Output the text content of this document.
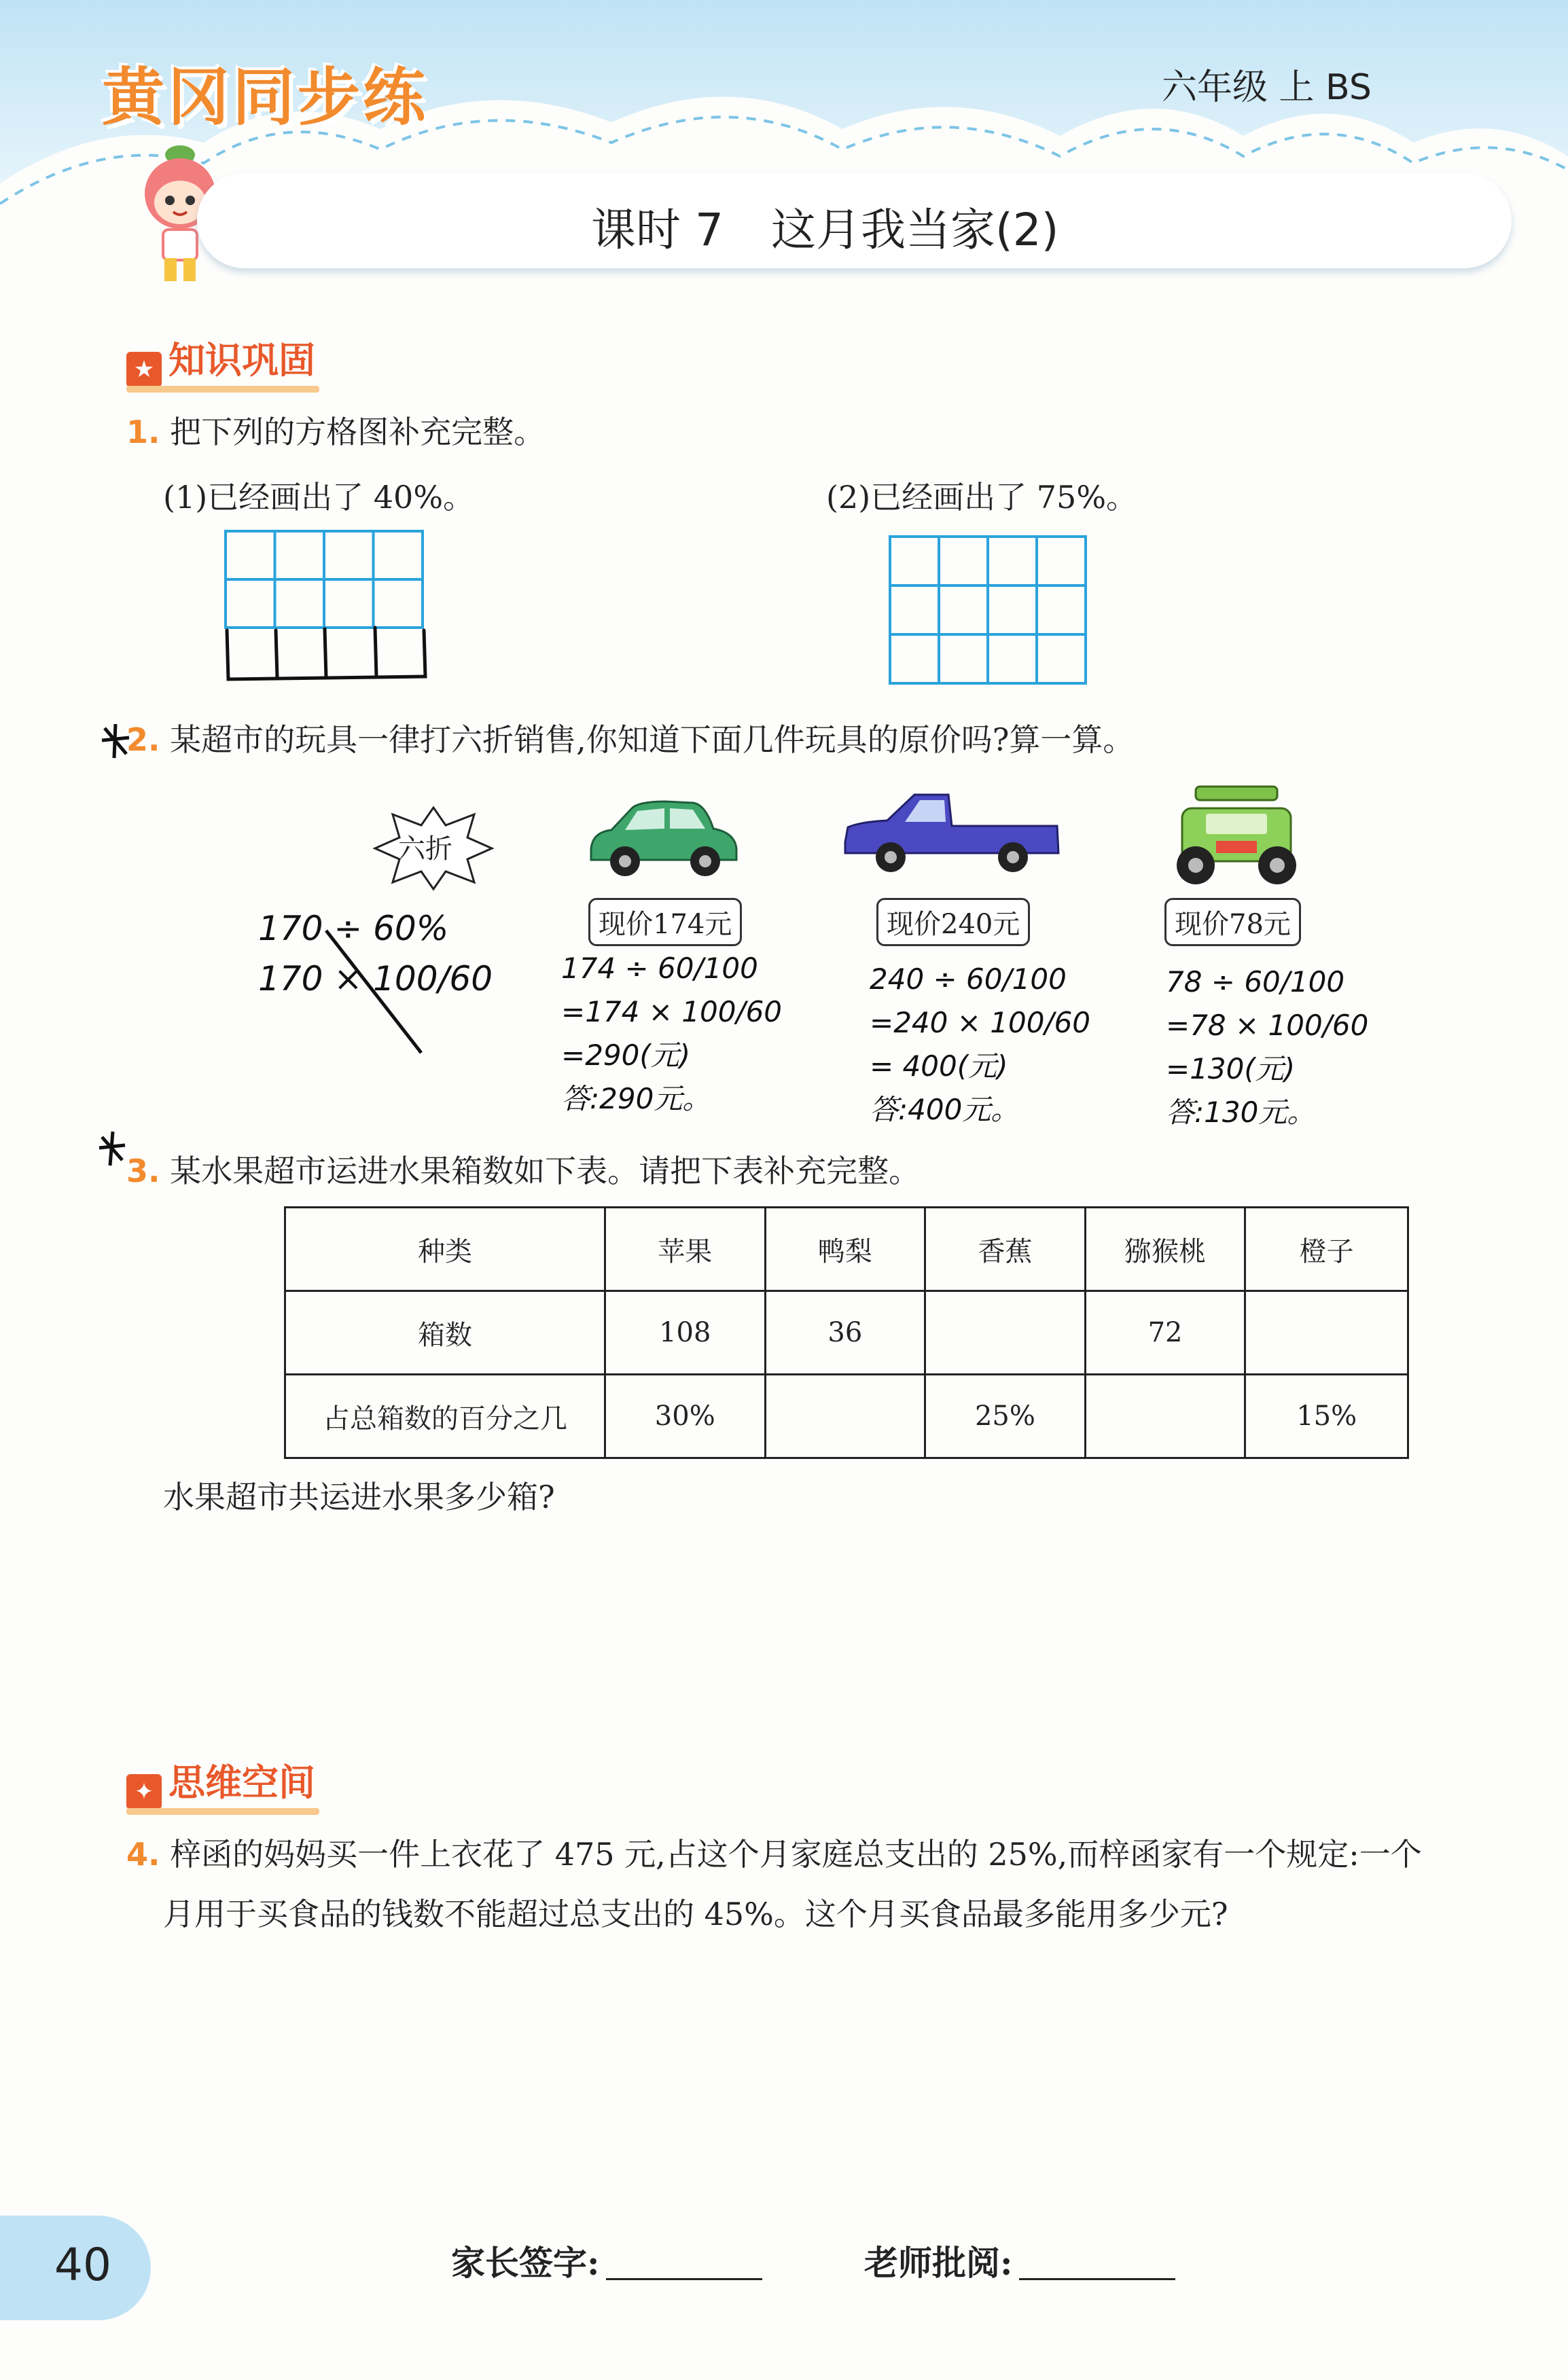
黄冈同步练	六年级 上 BS
课时 7 这月我当家(2)
★ 知识巩固
1. 把下列的方格图补充完整。
(1)已经画出了 40%。	(2)已经画出了 75%。
2. 某超市的玩具一律打六折销售,你知道下面几件玩具的原价吗?算一算。
六折
现价174元	现价240元	现价78元
170 ÷ 60%
170 × 100/60 174 ÷ 60/100
=174 × 100/60
=290(元)
答:290元。
240 ÷ 60/100
=240 × 100/60
= 400(元)
答:400元。
78 ÷ 60/100
=78 × 100/60
=130(元)
答:130元。
3. 某水果超市运进水果箱数如下表。请把下表补充完整。
种类	苹果	鸭梨	香蕉	猕猴桃	橙子
箱数	108	36		72	
占总箱数的百分之几	30%		25%		15%
水果超市共运进水果多少箱?
✦ 思维空间
4. 梓函的妈妈买一件上衣花了 475 元,占这个月家庭总支出的 25%,而梓函家有一个规定:一个
月用于买食品的钱数不能超过总支出的 45%。这个月买食品最多能用多少元?
40	家长签字:	老师批阅:
